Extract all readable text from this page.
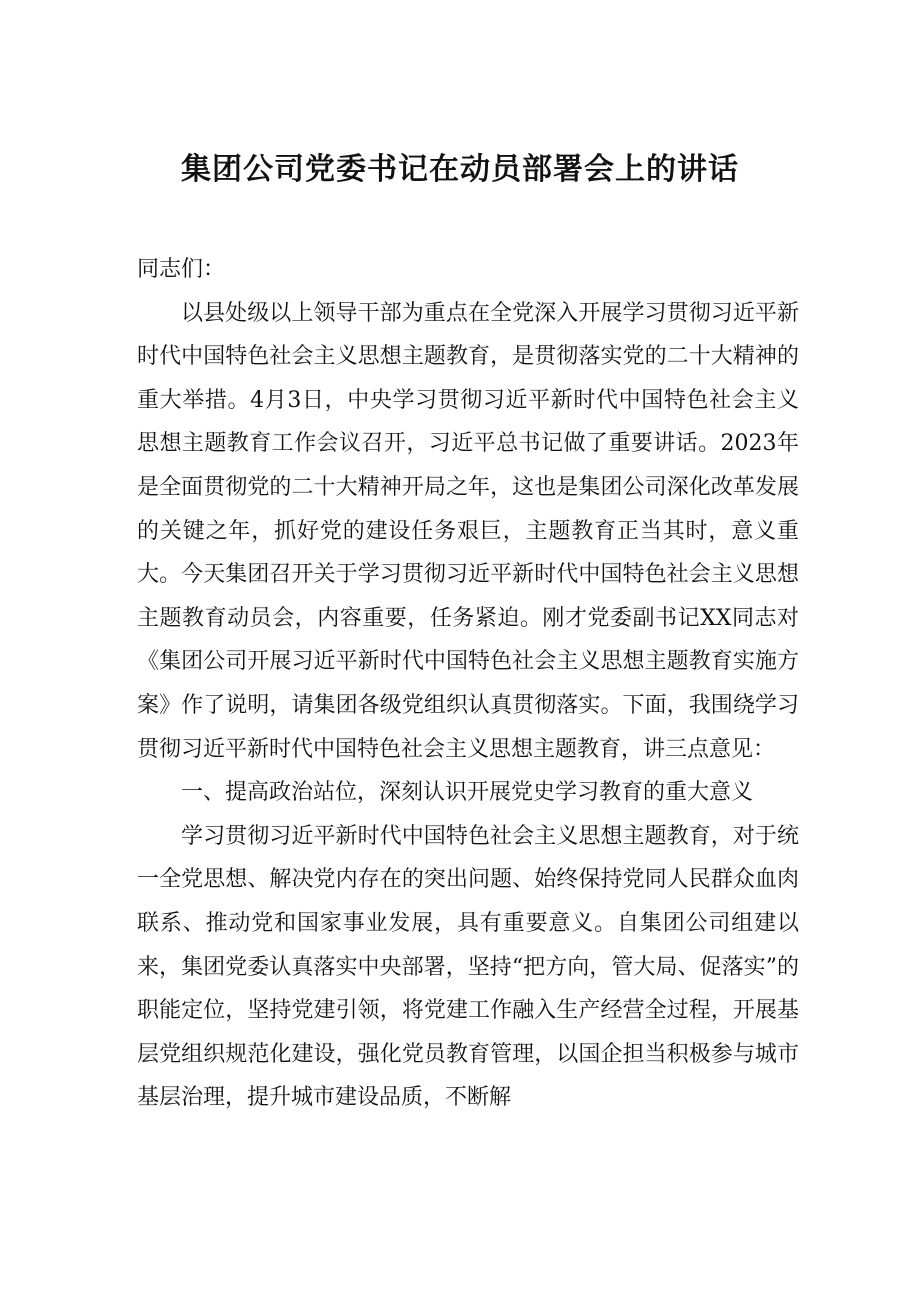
集团公司党委书记在动员部署会上的讲话

同志们：

以县处级以上领导干部为重点在全党深入开展学习贯彻习近平新时代中国特色社会主义思想主题教育，是贯彻落实党的二十大精神的重大举措。4月3日，中央学习贯彻习近平新时代中国特色社会主义思想主题教育工作会议召开，习近平总书记做了重要讲话。2023年是全面贯彻党的二十大精神开局之年，这也是集团公司深化改革发展的关键之年，抓好党的建设任务艰巨，主题教育正当其时，意义重大。今天集团召开关于学习贯彻习近平新时代中国特色社会主义思想主题教育动员会，内容重要，任务紧迫。刚才党委副书记XX同志对《集团公司开展习近平新时代中国特色社会主义思想主题教育实施方案》作了说明，请集团各级党组织认真贯彻落实。下面，我围绕学习贯彻习近平新时代中国特色社会主义思想主题教育，讲三点意见：

一、提高政治站位，深刻认识开展党史学习教育的重大意义

学习贯彻习近平新时代中国特色社会主义思想主题教育，对于统一全党思想、解决党内存在的突出问题、始终保持党同人民群众血肉联系、推动党和国家事业发展，具有重要意义。自集团公司组建以来，集团党委认真落实中央部署，坚持“把方向，管大局、促落实”的职能定位，坚持党建引领，将党建工作融入生产经营全过程，开展基层党组织规范化建设，强化党员教育管理，以国企担当积极参与城市基层治理，提升城市建设品质，不断解
